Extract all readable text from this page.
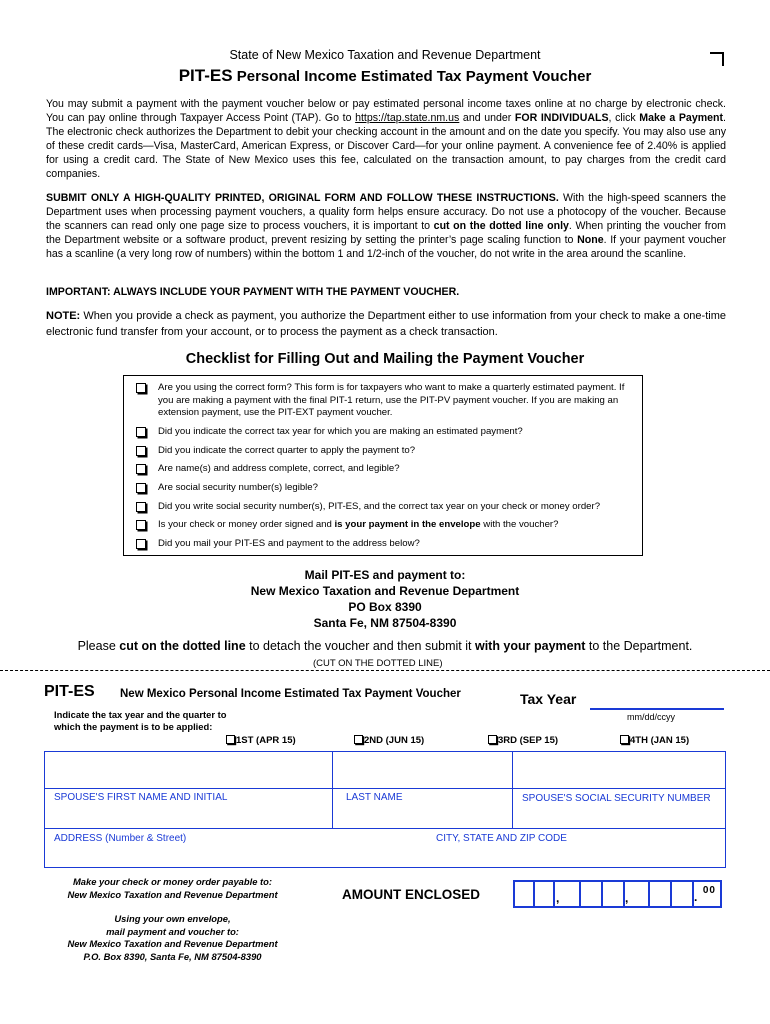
State of New Mexico Taxation and Revenue Department
PIT-ES Personal Income Estimated Tax Payment Voucher
You may submit a payment with the payment voucher below or pay estimated personal income taxes online at no charge by electronic check. You can pay online through Taxpayer Access Point (TAP). Go to https://tap.state.nm.us and under FOR INDIVIDUALS, click Make a Payment. The electronic check authorizes the Department to debit your checking account in the amount and on the date you specify. You may also use any of these credit cards—Visa, MasterCard, American Express, or Discover Card—for your online payment. A convenience fee of 2.40% is applied for using a credit card. The State of New Mexico uses this fee, calculated on the transaction amount, to pay charges from the credit card companies.
SUBMIT ONLY A HIGH-QUALITY PRINTED, ORIGINAL FORM AND FOLLOW THESE INSTRUCTIONS. With the high-speed scanners the Department uses when processing payment vouchers, a quality form helps ensure accuracy. Do not use a photocopy of the voucher. Because the scanners can read only one page size to process vouchers, it is important to cut on the dotted line only. When printing the voucher from the Department website or a software product, prevent resizing by setting the printer’s page scaling function to None. If your payment voucher has a scanline (a very long row of numbers) within the bottom 1 and 1/2-inch of the voucher, do not write in the area around the scanline.
IMPORTANT: ALWAYS INCLUDE YOUR PAYMENT WITH THE PAYMENT VOUCHER.
NOTE: When you provide a check as payment, you authorize the Department either to use information from your check to make a one-time electronic fund transfer from your account, or to process the payment as a check transaction.
Checklist for Filling Out and Mailing the Payment Voucher
Are you using the correct form? This form is for taxpayers who want to make a quarterly estimated payment. If you are making a payment with the final PIT-1 return, use the PIT-PV payment voucher. If you are making an extension payment, use the PIT-EXT payment voucher.
Did you indicate the correct tax year for which you are making an estimated payment?
Did you indicate the correct quarter to apply the payment to?
Are name(s) and address complete, correct, and legible?
Are social security number(s) legible?
Did you write social security number(s), PIT-ES, and the correct tax year on your check or money order?
Is your check or money order signed and is your payment in the envelope with the voucher?
Did you mail your PIT-ES and payment to the address below?
Mail PIT-ES and payment to:
New Mexico Taxation and Revenue Department
PO Box 8390
Santa Fe, NM 87504-8390
Please cut on the dotted line to detach the voucher and then submit it with your payment to the Department.
(CUT ON THE DOTTED LINE)
PIT-ES New Mexico Personal Income Estimated Tax Payment Voucher	Tax Year
mm/dd/ccyy
Indicate the tax year and the quarter to
which the payment is to be applied:
1ST (APR 15)	2ND (JUN 15)	3RD (SEP 15)	4TH (JAN 15)
SPOUSE'S FIRST NAME AND INITIAL	LAST NAME	SPOUSE'S SOCIAL SECURITY NUMBER
ADDRESS (Number & Street)	CITY, STATE AND ZIP CODE
Make your check or money order payable to:
New Mexico Taxation and Revenue Department
Using your own envelope,
mail payment and voucher to:
New Mexico Taxation and Revenue Department
P.O. Box 8390, Santa Fe, NM 87504-8390
AMOUNT ENCLOSED	,	,	. 00
